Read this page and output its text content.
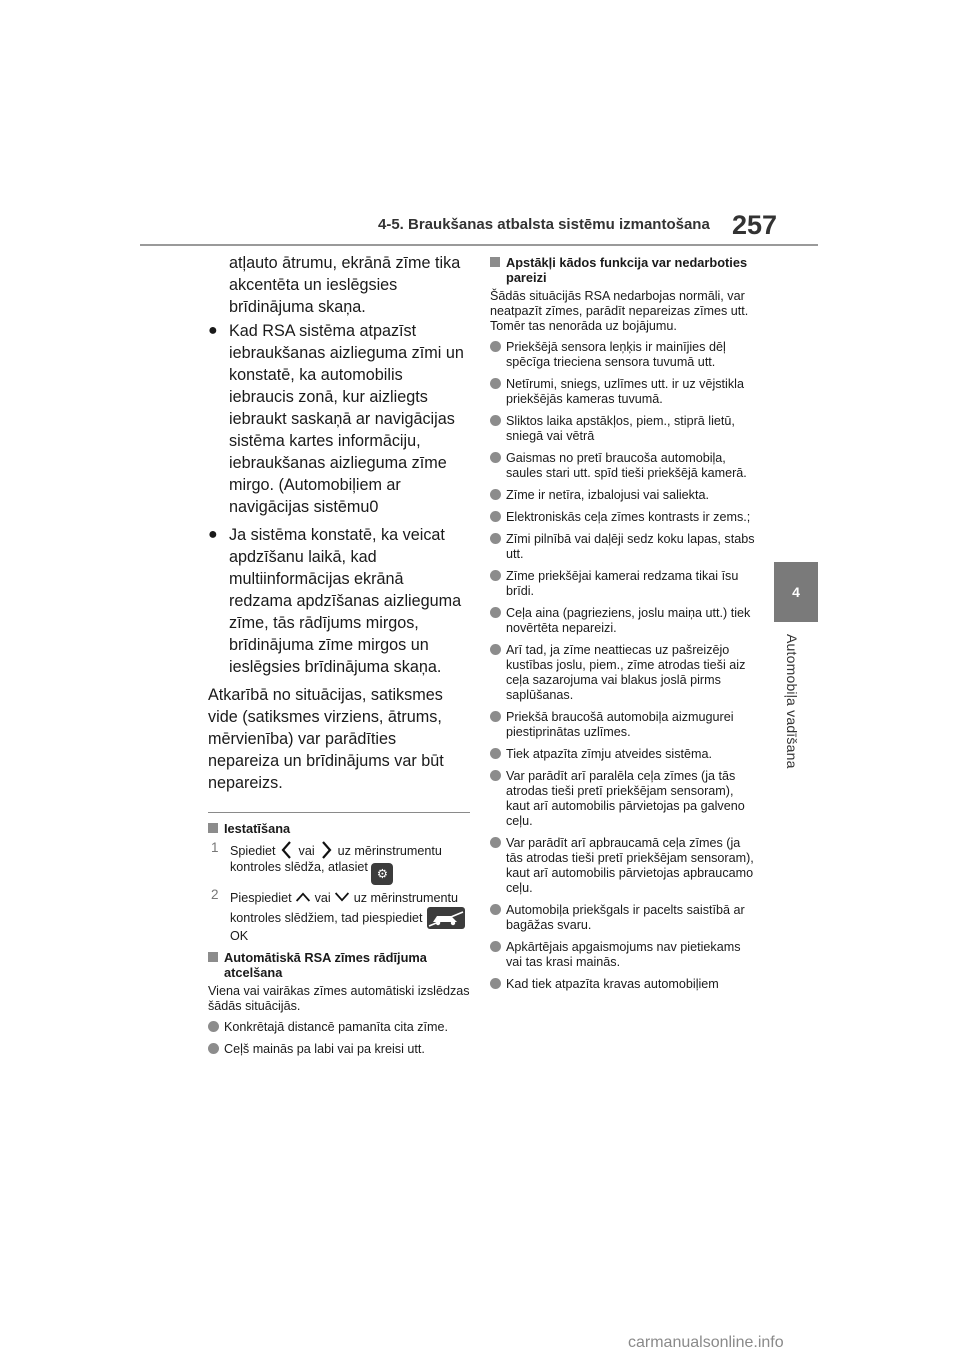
4-5. Braukšanas atbalsta sistēmu izmantošana 257
4
Automobiļa vadīšana

atļauto ātrumu, ekrānā zīme tika akcentēta un ieslēgsies brīdinājuma skaņa.

● Kad RSA sistēma atpazīst iebraukšanas aizlieguma zīmi un konstatē, ka automobilis iebraucis zonā, kur aizliegts iebraukt saskaņā ar navigācijas sistēma kartes informāciju, iebraukšanas aizlieguma zīme mirgo. (Automobiļiem ar navigācijas sistēmu0
● Ja sistēma konstatē, ka veicat apdzīšanu laikā, kad multiinformācijas ekrānā redzama apdzīšanas aizlieguma zīme, tās rādījums mirgos, brīdinājuma zīme mirgos un ieslēgsies brīdinājuma skaņa.

Atkarībā no situācijas, satiksmes vide (satiksmes virziens, ātrums, mērvienība) var parādīties nepareiza un brīdinājums var būt nepareizs.

Iestatīšana
1 Spiediet vai uz mērinstrumentu kontroles slēdža, atlasiet ⚙
2 Piespiediet vai uz mērinstrumentu kontroles slēdžiem, tad piespiediet  OK
Automātiskā RSA zīmes rādījuma atcelšana

Viena vai vairākas zīmes automātiski izslēdzas šādās situācijās.

Konkrētajā distancē pamanīta cita zīme.
Ceļš mainās pa labi vai pa kreisi utt.
Apstākļi kādos funkcija var nedarboties pareizi

Šādās situācijās RSA nedarbojas normāli, var neatpazīt zīmes, parādīt nepareizas zīmes utt. Tomēr tas nenorāda uz bojājumu.

Priekšējā sensora leņķis ir mainījies dēļ spēcīga trieciena sensora tuvumā utt.
Netīrumi, sniegs, uzlīmes utt. ir uz vējstikla priekšējās kameras tuvumā.
Sliktos laika apstākļos, piem., stiprā lietū, sniegā vai vētrā
Gaismas no pretī braucoša automobiļa, saules stari utt. spīd tieši priekšējā kamerā.
Zīme ir netīra, izbalojusi vai saliekta.
Elektroniskās ceļa zīmes kontrasts ir zems.;
Zīmi pilnībā vai daļēji sedz koku lapas, stabs utt.
Zīme priekšējai kamerai redzama tikai īsu brīdi.
Ceļa aina (pagrieziens, joslu maiņa utt.) tiek novērtēta nepareizi.
Arī tad, ja zīme neattiecas uz pašreizējo kustības joslu, piem., zīme atrodas tieši aiz ceļa sazarojuma vai blakus joslā pirms saplūšanas.
Priekšā braucošā automobiļa aizmugurei piestiprinātas uzlīmes.
Tiek atpazīta zīmju atveides sistēma.
Var parādīt arī paralēla ceļa zīmes (ja tās atrodas tieši pretī priekšējam sensoram), kaut arī automobilis pārvietojas pa galveno ceļu.
Var parādīt arī apbraucamā ceļa zīmes (ja tās atrodas tieši pretī priekšējam sensoram), kaut arī automobilis pārvietojas apbraucamo ceļu.
Automobiļa priekšgals ir pacelts saistībā ar bagāžas svaru.
Apkārtējais apgaismojums nav pietiekams vai tas krasi mainās.
Kad tiek atpazīta kravas automobiļiem
carmanualsonline.info
